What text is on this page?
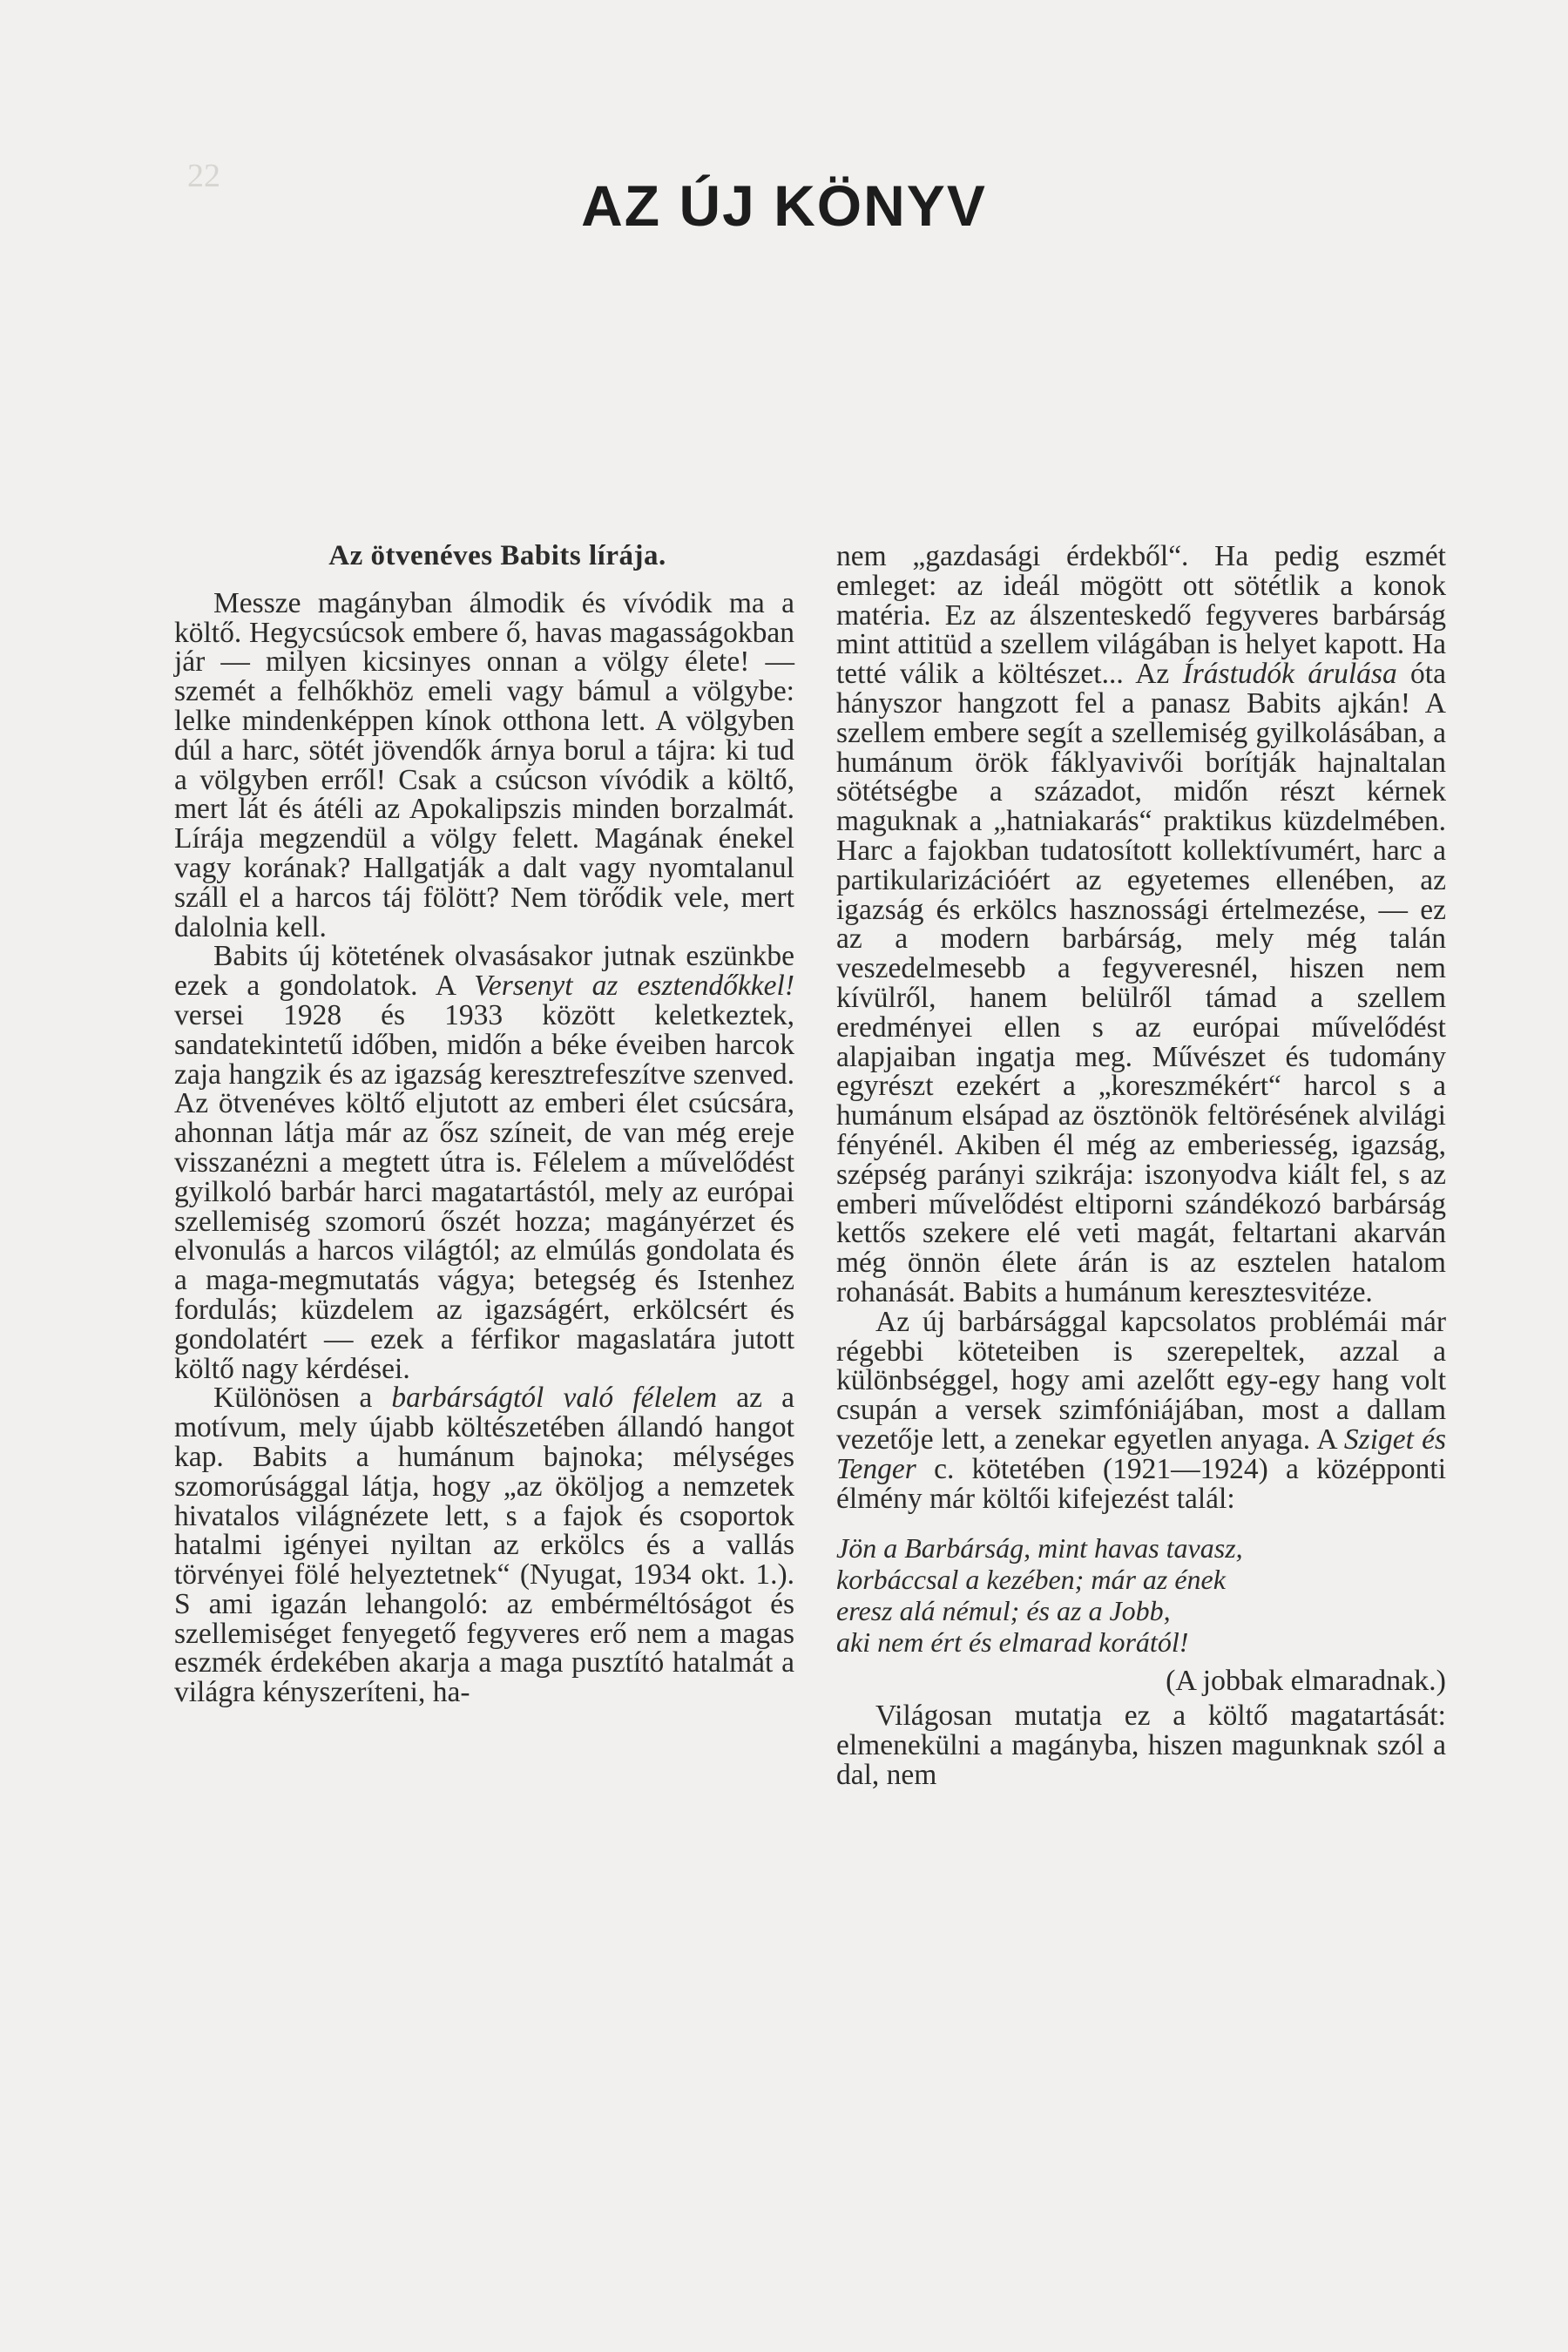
22	AZ ÚJ KÖNYV
Az ötvenéves Babits lírája.

Messze magányban álmodik és vívódik ma a költő. Hegycsúcsok embere ő, havas magasságokban jár — milyen kicsinyes onnan a völgy élete! — szemét a felhőkhöz emeli vagy bámul a völgybe: lelke mindenképpen kínok otthona lett. A völgyben dúl a harc, sötét jövendők árnya borul a tájra: ki tud a völgyben erről! Csak a csúcson vívódik a költő, mert lát és átéli az Apokalipszis minden borzalmát. Lírája megzendül a völgy felett. Magának énekel vagy korának? Hallgatják a dalt vagy nyomtalanul száll el a harcos táj fölött? Nem törődik vele, mert dalolnia kell.

Babits új kötetének olvasásakor jutnak eszünkbe ezek a gondolatok. A Versenyt az esztendőkkel! versei 1928 és 1933 között keletkeztek, sandatekintetű időben, midőn a béke éveiben harcok zaja hangzik és az igazság keresztrefeszítve szenved. Az ötvenéves költő eljutott az emberi élet csúcsára, ahonnan látja már az ősz színeit, de van még ereje visszanézni a megtett útra is. Félelem a művelődést gyilkoló barbár harci magatartástól, mely az európai szellemiség szomorú őszét hozza; magányérzet és elvonulás a harcos világtól; az elmúlás gondolata és a maga-megmutatás vágya; betegség és Istenhez fordulás; küzdelem az igazságért, erkölcsért és gondolatért — ezek a férfikor magaslatára jutott költő nagy kérdései.

Különösen a barbárságtól való félelem az a motívum, mely újabb költészetében állandó hangot kap. Babits a humánum bajnoka; mélységes szomorúsággal látja, hogy „az ököljog a nemzetek hivatalos világnézete lett, s a fajok és csoportok hatalmi igényei nyiltan az erkölcs és a vallás törvényei fölé helyeztetnek“ (Nyugat, 1934 okt. 1.). S ami igazán lehangoló: az embérméltóságot és szellemiséget fenyegető fegyveres erő nem a magas eszmék érdekében akarja a maga pusztító hatalmát a világra kényszeríteni, ha-

nem „gazdasági érdekből“. Ha pedig eszmét emleget: az ideál mögött ott sötétlik a konok matéria. Ez az álszenteskedő fegyveres barbárság mint attitüd a szellem világában is helyet kapott. Ha tetté válik a költészet... Az Írástudók árulása óta hányszor hangzott fel a panasz Babits ajkán! A szellem embere segít a szellemiség gyilkolásában, a humánum örök fáklyavivői borítják hajnaltalan sötétségbe a századot, midőn részt kérnek maguknak a „hatniakarás“ praktikus küzdelmében. Harc a fajokban tudatosított kollektívumért, harc a partikularizációért az egyetemes ellenében, az igazság és erkölcs hasznossági értelmezése, — ez az a modern barbárság, mely még talán veszedelmesebb a fegyveresnél, hiszen nem kívülről, hanem belülről támad a szellem eredményei ellen s az európai művelődést alapjaiban ingatja meg. Művészet és tudomány egyrészt ezekért a „koreszmékért“ harcol s a humánum elsápad az ösztönök feltörésének alvilági fényénél. Akiben él még az emberiesség, igazság, szépség parányi szikrája: iszonyodva kiált fel, s az emberi művelődést eltiporni szándékozó barbárság kettős szekere elé veti magát, feltartani akarván még önnön élete árán is az esztelen hatalom rohanását. Babits a humánum keresztesvitéze.

Az új barbársággal kapcsolatos problémái már régebbi köteteiben is szerepeltek, azzal a különbséggel, hogy ami azelőtt egy-egy hang volt csupán a versek szimfóniájában, most a dallam vezetője lett, a zenekar egyetlen anyaga. A Sziget és Tenger c. kötetében (1921—1924) a középponti élmény már költői kifejezést talál:

Jön a Barbárság, mint havas tavasz,
korbáccsal a kezében; már az ének
eresz alá némul; és az a Jobb,
aki nem ért és elmarad korától!
(A jobbak elmaradnak.)

Világosan mutatja ez a költő magatartását: elmenekülni a magányba, hiszen magunknak szól a dal, nem
